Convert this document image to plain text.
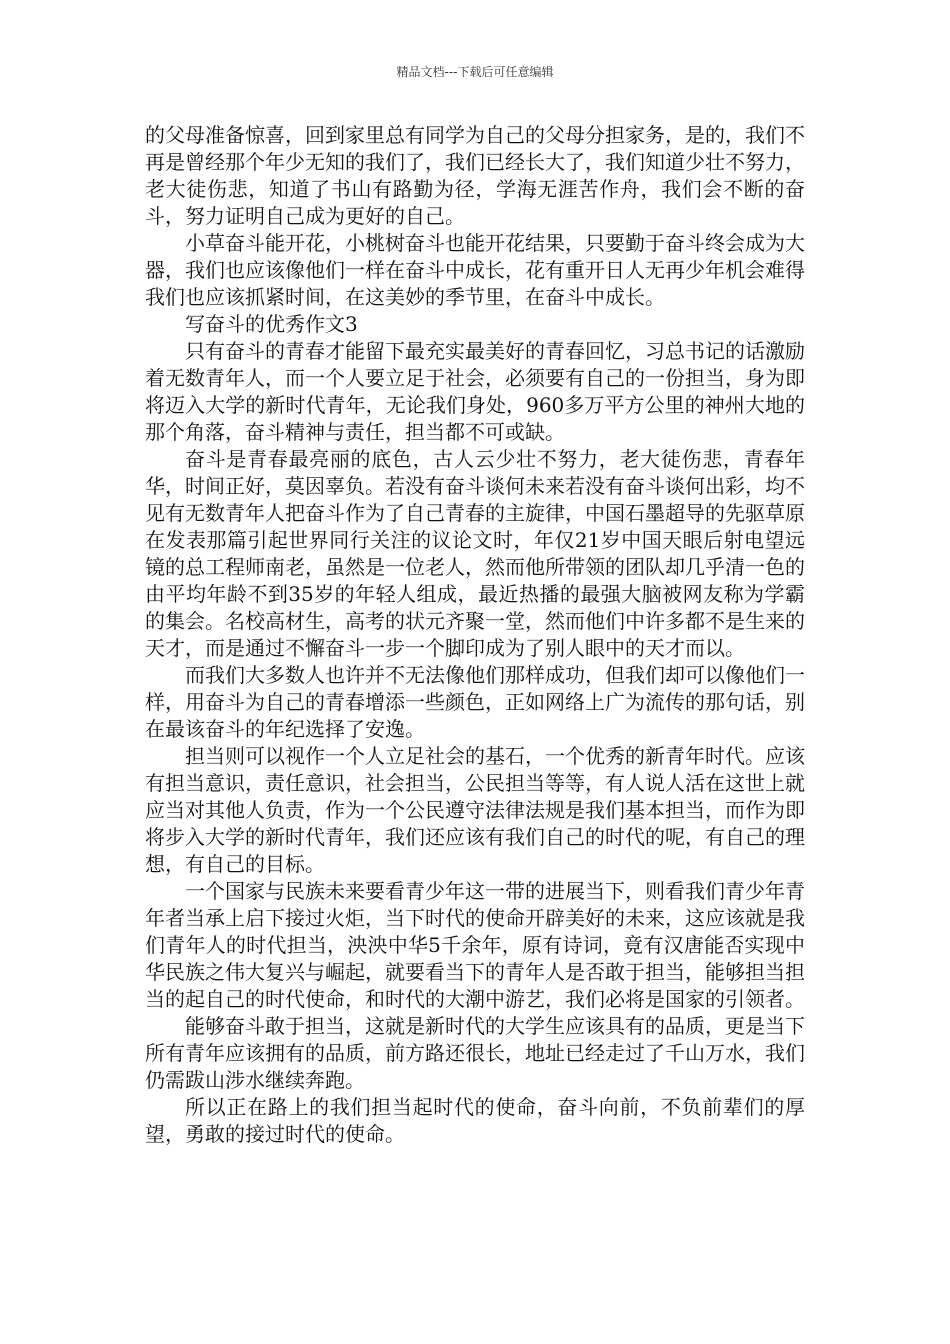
精品文档---下载后可任意编辑

的父母准备惊喜，回到家里总有同学为自己的父母分担家务，是的，我们不再是曾经那个年少无知的我们了，我们已经长大了，我们知道少壮不努力，老大徒伤悲，知道了书山有路勤为径，学海无涯苦作舟，我们会不断的奋斗，努力证明自己成为更好的自己。

小草奋斗能开花，小桃树奋斗也能开花结果，只要勤于奋斗终会成为大器，我们也应该像他们一样在奋斗中成长，花有重开日人无再少年机会难得我们也应该抓紧时间，在这美妙的季节里，在奋斗中成长。

写奋斗的优秀作文3

只有奋斗的青春才能留下最充实最美好的青春回忆，习总书记的话激励着无数青年人，而一个人要立足于社会，必须要有自己的一份担当，身为即将迈入大学的新时代青年，无论我们身处，960多万平方公里的神州大地的那个角落，奋斗精神与责任，担当都不可或缺。

奋斗是青春最亮丽的底色，古人云少壮不努力，老大徒伤悲，青春年华，时间正好，莫因辜负。若没有奋斗谈何未来若没有奋斗谈何出彩，均不见有无数青年人把奋斗作为了自己青春的主旋律，中国石墨超导的先驱草原在发表那篇引起世界同行关注的议论文时，年仅21岁中国天眼后射电望远镜的总工程师南老，虽然是一位老人，然而他所带领的团队却几乎清一色的由平均年龄不到35岁的年轻人组成，最近热播的最强大脑被网友称为学霸的集会。名校高材生，高考的状元齐聚一堂，然而他们中许多都不是生来的天才，而是通过不懈奋斗一步一个脚印成为了别人眼中的天才而以。

而我们大多数人也许并不无法像他们那样成功，但我们却可以像他们一样，用奋斗为自己的青春增添一些颜色，正如网络上广为流传的那句话，别在最该奋斗的年纪选择了安逸。

担当则可以视作一个人立足社会的基石，一个优秀的新青年时代。应该有担当意识，责任意识，社会担当，公民担当等等，有人说人活在这世上就应当对其他人负责，作为一个公民遵守法律法规是我们基本担当，而作为即将步入大学的新时代青年，我们还应该有我们自己的时代的呢，有自己的理想，有自己的目标。

一个国家与民族未来要看青少年这一带的进展当下，则看我们青少年青年者当承上启下接过火炬，当下时代的使命开辟美好的未来，这应该就是我们青年人的时代担当，泱泱中华5千余年，原有诗词，竟有汉唐能否实现中华民族之伟大复兴与崛起，就要看当下的青年人是否敢于担当，能够担当担当的起自己的时代使命，和时代的大潮中游艺，我们必将是国家的引领者。

能够奋斗敢于担当，这就是新时代的大学生应该具有的品质，更是当下所有青年应该拥有的品质，前方路还很长，地址已经走过了千山万水，我们仍需跋山涉水继续奔跑。

所以正在路上的我们担当起时代的使命，奋斗向前，不负前辈们的厚望，勇敢的接过时代的使命。
